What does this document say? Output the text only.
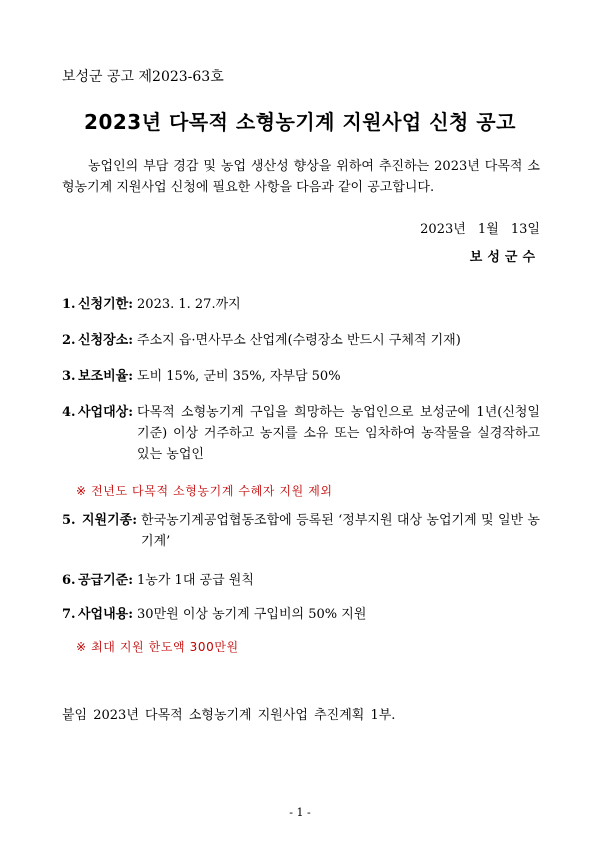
보성군 공고 제2023-63호
2023년 다목적 소형농기계 지원사업 신청 공고
농업인의 부담 경감 및 농업 생산성 향상을 위하여 추진하는 2023년 다목적 소형농기계 지원사업 신청에 필요한 사항을 다음과 같이 공고합니다.
2023년 1월 13일
보성군수
1. 신청기한: 2023. 1. 27.까지
2. 신청장소: 주소지 읍·면사무소 산업계(수령장소 반드시 구체적 기재)
3. 보조비율: 도비 15%, 군비 35%, 자부담 50%
4. 사업대상: 다목적 소형농기계 구입을 희망하는 농업인으로 보성군에 1년(신청일 기준) 이상 거주하고 농지를 소유 또는 임차하여 농작물을 실경작하고 있는 농업인
※ 전년도 다목적 소형농기계 수혜자 지원 제외
5. 지원기종: 한국농기계공업협동조합에 등록된 ‘정부지원 대상 농업기계 및 일반 농기계’
6. 공급기준: 1농가 1대 공급 원칙
7. 사업내용: 30만원 이상 농기계 구입비의 50% 지원
※ 최대 지원 한도액 300만원
붙임 2023년 다목적 소형농기계 지원사업 추진계획 1부.
- 1 -
